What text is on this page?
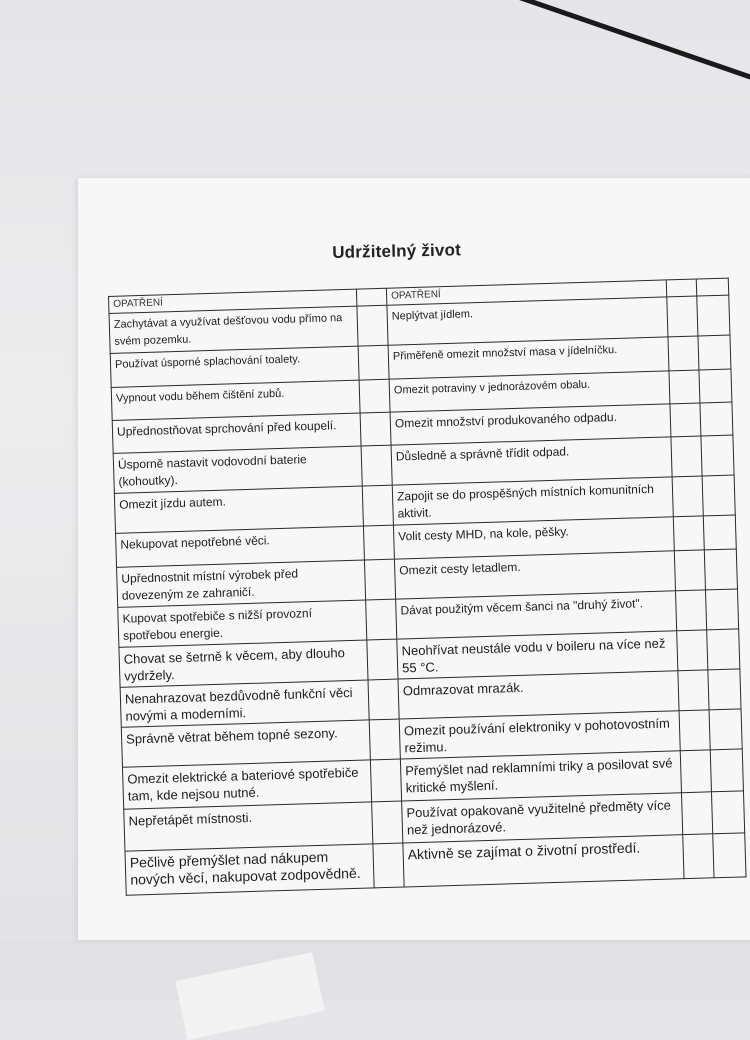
Udržitelný život
OPATŘENÍ		OPATŘENÍ		
Zachytávat a využívat dešťovou vodu přímo na svém pozemku.		Neplýtvat jídlem.		
Používat úsporné splachování toalety.		Přiměřeně omezit množství masa v jídelníčku.		
Vypnout vodu během čištění zubů.		Omezit potraviny v jednorázovém obalu.		
Upřednostňovat sprchování před koupelí.		Omezit množství produkovaného odpadu.		
Úsporně nastavit vodovodní baterie (kohoutky).		Důsledně a správně třídit odpad.		
Omezit jízdu autem.		Zapojit se do prospěšných místních komunitních aktivit.		
Nekupovat nepotřebné věci.		Volit cesty MHD, na kole, pěšky.		
Upřednostnit místní výrobek před dovezeným ze zahraničí.		Omezit cesty letadlem.		
Kupovat spotřebiče s nižší provozní spotřebou energie.		Dávat použitým věcem šanci na "druhý život".		
Chovat se šetrně k věcem, aby dlouho vydržely.		Neohřívat neustále vodu v boileru na více než 55 °C.		
Nenahrazovat bezdůvodně funkční věci novými a moderními.		Odmrazovat mrazák.		
Správně větrat během topné sezony.		Omezit používání elektroniky v pohotovostním režimu.		
Omezit elektrické a bateriové spotřebiče tam, kde nejsou nutné.		Přemýšlet nad reklamními triky a posilovat své kritické myšlení.		
Nepřetápět místnosti.		Používat opakovaně využitelné předměty více než jednorázové.		
Pečlivě přemýšlet nad nákupem nových věcí, nakupovat zodpovědně.		Aktivně se zajímat o životní prostředí.		
